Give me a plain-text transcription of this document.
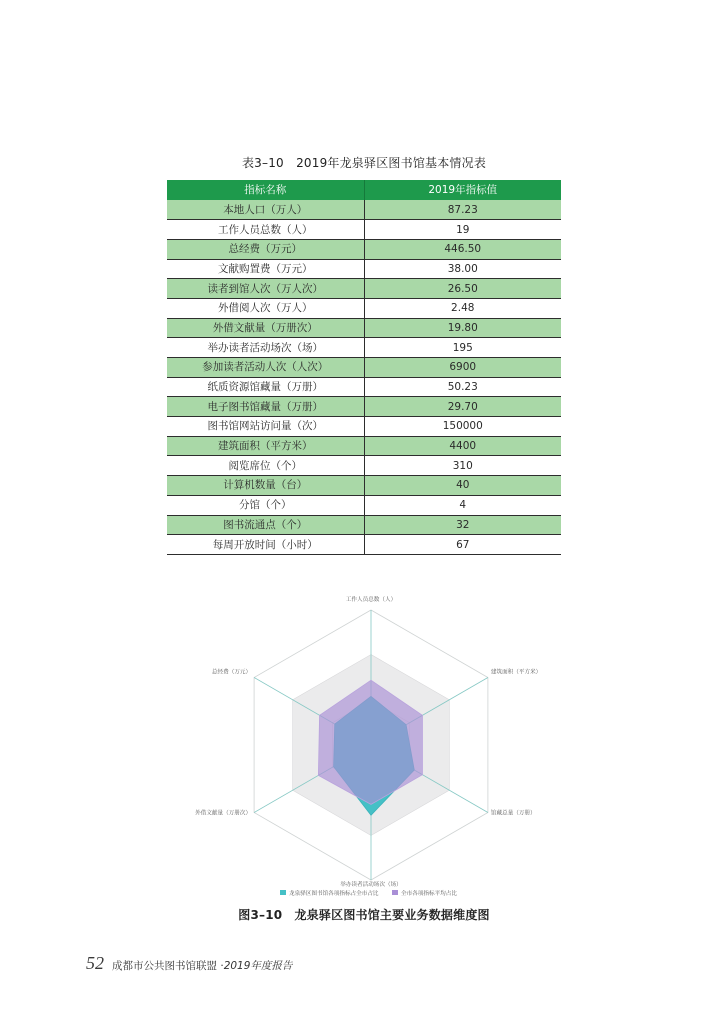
表3–10　2019年龙泉驿区图书馆基本情况表
指标名称	2019年指标值
本地人口（万人）	87.23
工作人员总数（人）	19
总经费（万元）	446.50
文献购置费（万元）	38.00
读者到馆人次（万人次）	26.50
外借阅人次（万人）	2.48
外借文献量（万册次）	19.80
举办读者活动场次（场）	195
参加读者活动人次（人次）	6900
纸质资源馆藏量（万册）	50.23
电子图书馆藏量（万册）	29.70
图书馆网站访问量（次）	150000
建筑面积（平方米）	4400
阅览席位（个）	310
计算机数量（台）	40
分馆（个）	4
图书流通点（个）	32
每周开放时间（小时）	67
工作人员总数（人）
建筑面积（平方米）
馆藏总量（万册）
举办读者活动场次（场）
外借文献量（万册次）
总经费（万元）
龙泉驿区图书馆各项指标占全市占比	全市各项指标平均占比
图3–10　龙泉驿区图书馆主要业务数据维度图
52 成都市公共图书馆联盟 · 2019年度报告
